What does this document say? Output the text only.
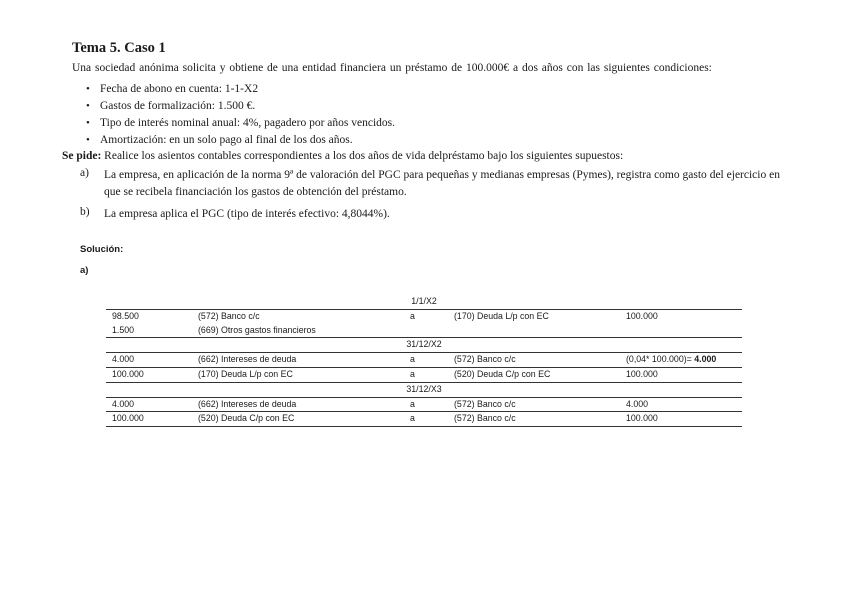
Tema 5. Caso 1
Una sociedad anónima solicita y obtiene de una entidad financiera un préstamo de 100.000€ a dos años con las siguientes condiciones:
• Fecha de abono en cuenta: 1-1-X2
• Gastos de formalización: 1.500 €.
• Tipo de interés nominal anual: 4%, pagadero por años vencidos.
• Amortización: en un solo pago al final de los dos años.
Se pide: Realice los asientos contables correspondientes a los dos años de vida delpréstamo bajo los siguientes supuestos:
a) La empresa, en aplicación de la norma 9ª de valoración del PGC para pequeñas y medianas empresas (Pymes), registra como gasto del ejercicio en que se recibela financiación los gastos de obtención del préstamo.
b) La empresa aplica el PGC (tipo de interés efectivo: 4,8044%).
Solución:
a)
1/1/X2
98.500	(572) Banco c/c	a	(170) Deuda L/p con EC	100.000
1.500	(669) Otros gastos financieros
31/12/X2
4.000	(662) Intereses de deuda	a	(572) Banco c/c	(0,04* 100.000)= 4.000
100.000	(170) Deuda L/p con EC	a	(520) Deuda C/p con EC	100.000
31/12/X3
4.000	(662) Intereses de deuda	a	(572) Banco c/c	4.000
100.000	(520) Deuda C/p con EC	a	(572) Banco c/c	100.000
